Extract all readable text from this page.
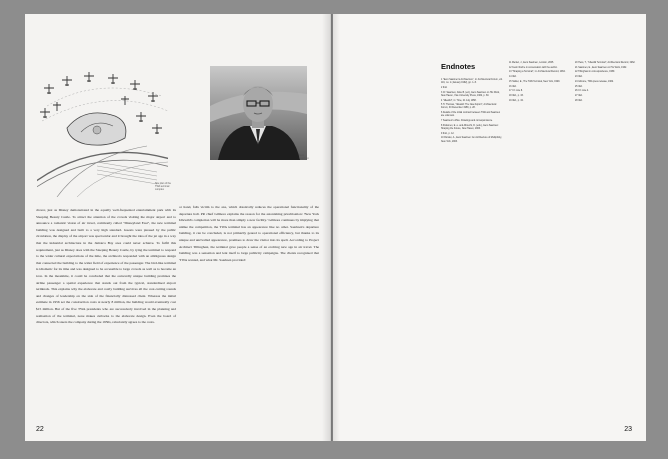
Site plan of the TWA terminal complex
Eero Saarinen
drover, just as Disney demonstrated in the equally well-frequented entertainment park with its Sleeping Beauty Castle. To attract the attention of the crowds visiting the major airport and to announce a romantic vision of air travel, commonly called "Disneyland East", the new terminal building was designed and built to a very high standard. Guests were pleased by the public circulation, the display of the airport was spectacular and it brought the idea of the jet age in a way that the industrial architecture in the Jamaica Bay area could never achieve. To fulfil this requirement, just as Disney does with the Sleeping Beauty Castle, by tying the terminal to respond to the wider cultural expectations of the time, the architects responded with an ambiguous design that connected the building to the wider field of experience of the passenger. The bird-like terminal is idiomatic for its time and was designed to be accessible to large crowds as well as to become an icon. In the meantime, it could be concluded that the outwardly unique building promises the airline passenger a spatial experience that stands out from the typical, standardised airport terminals. This explains why the elaborate and costly building survives all the cost-cutting rounds and changes of leadership on the side of the financially distressed client. Whereas the initial estimate in 1956 set the construction costs at nearly 8 million, the building would eventually cost $15 million. But of the five TWA presidents who are successively involved in the planning and realisation of the terminal, none makes cutbacks to the elaborate design. Even the board of directors, which steers the company during the 1950s, reluctantly agrees to the costs.
or hand, falls victim to the axe, which drastically reduces the operational functionality of the departure hall. PR chief Gilmore explains the reason for the astonishing prioritisation: 'New York Idlewild's completion will be more than simply a new facility.' Gilmore continues by implying that unlike the competition, the TWA terminal has an appearance like no other. Saarinen's departure building, it can be concluded, is not primarily geared to operational efficiency, but thanks to its unique and unrivalled appearance, promises to draw the visitor into its spell. According to Project Architect Tillinghast, the terminal gave people a sense of an exciting new age in air travel. The building was a sensation and lent itself to large publicity campaigns. The clients recognised that 'TWA wanted, and what Mr. Saarinen provided'.
22
Endnotes

1 "Eero Saarinen's Architecture", in: Architectural Forum, vol. 116, no. 1 (January 1962), pp. 1–5.

2 Ibid.

3 Cf. Saarinen, Aline B. (ed.), Eero Saarinen on His Work, New Haven, Yale University Press, 1962, p. 60.

4 "Idlewild", in: Time, 21 July 1958.

5 H. Thomas, "Idlewild: The New Airport", Architectural Forum, 30 December 1959, p. 28.

6 Details of the initial contract between TWA and Saarinen are unknown.

7 Saarinen's office. Drawings and correspondence.

8 Pelkonen, E.-L. and Albrecht, D. (eds.), Eero Saarinen: Shaping the Future, New Haven, 2006.

9 Ibid., p. 12.

10 Román, A., Eero Saarinen: An Architecture of Multiplicity, New York, 2003.

11 Merkel, J., Eero Saarinen, London, 2005.

12 Kevin Roche in conversation with the author.

13 "Shaping a Terminal", in: Architectural Record, 1962.

14 Ibid.

15 Stoller, E., The TWA Terminal, New York, 1999.

16 Ibid.

17 Cf. note 8.

18 Ibid., p. 33.

19 Ibid., p. 34.

20 Hess, T., "Idlewild Terminal", Architectural Record, 1962.

21 Saarinen, E., Eero Saarinen on His Work, 1962.

22 Tillinghast in correspondence, 1959.

23 Ibid.

24 Gilmore, TWA press release, 1962.

25 Ibid.

26 Cf. note 4.

27 Ibid.

28 Ibid.

23
